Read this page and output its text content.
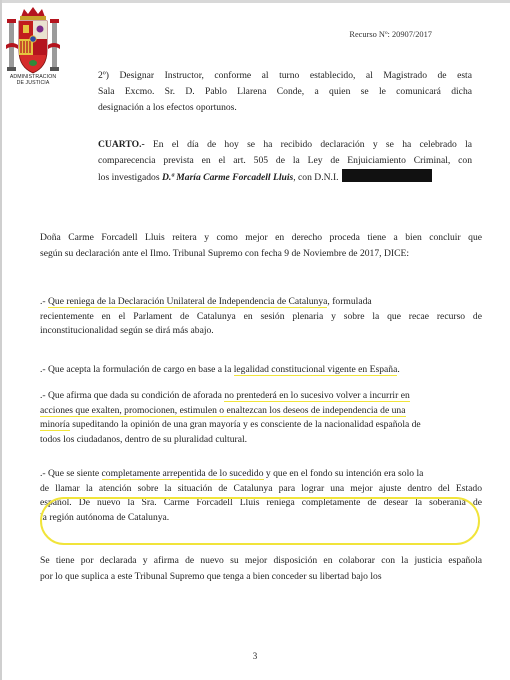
ADMINISTRACION
DE JUSTICIA
Recurso Nº: 20907/2017
2º) Designar Instructor, conforme al turno establecido, al Magistrado de esta
Sala Excmo. Sr. D. Pablo Llarena Conde, a quien se le comunicará dicha
designación a los efectos oportunos.
CUARTO.- En el día de hoy se ha recibido declaración y se ha celebrado la
comparecencia prevista en el art. 505 de la Ley de Enjuiciamiento Criminal, con
los investigados D.ª María Carme Forcadell Lluis, con D.N.I.
Doña Carme Forcadell Lluis reitera y como mejor en derecho proceda tiene a bien concluir que
según su declaración ante el Ilmo. Tribunal Supremo con fecha 9 de Noviembre de 2017, DICE:
.- Que reniega de la Declaración Unilateral de Independencia de Catalunya, formulada
recientemente en el Parlament de Catalunya en sesión plenaria y sobre la que recae recurso de
inconstitucionalidad según se dirá más abajo.
.- Que acepta la formulación de cargo en base a la legalidad constitucional vigente en España.
.- Que afirma que dada su condición de aforada no prentederá en lo sucesivo volver a incurrir en
acciones que exalten, promocionen, estimulen o enaltezcan los deseos de independencia de una
minoría supeditando la opinión de una gran mayoría y es consciente de la nacionalidad española de
todos los ciudadanos, dentro de su pluralidad cultural.
.- Que se siente completamente arrepentida de lo sucedido y que en el fondo su intención era solo la
de llamar la atención sobre la situación de Catalunya para lograr una mejor ajuste dentro del Estado
español. De nuevo la Sra. Carme Forcadell Lluis reniega completamente de desear la soberanía de
la región autónoma de Catalunya.
Se tiene por declarada y afirma de nuevo su mejor disposición en colaborar con la justicia española
por lo que suplica a este Tribunal Supremo que tenga a bien conceder su libertad bajo los
3
